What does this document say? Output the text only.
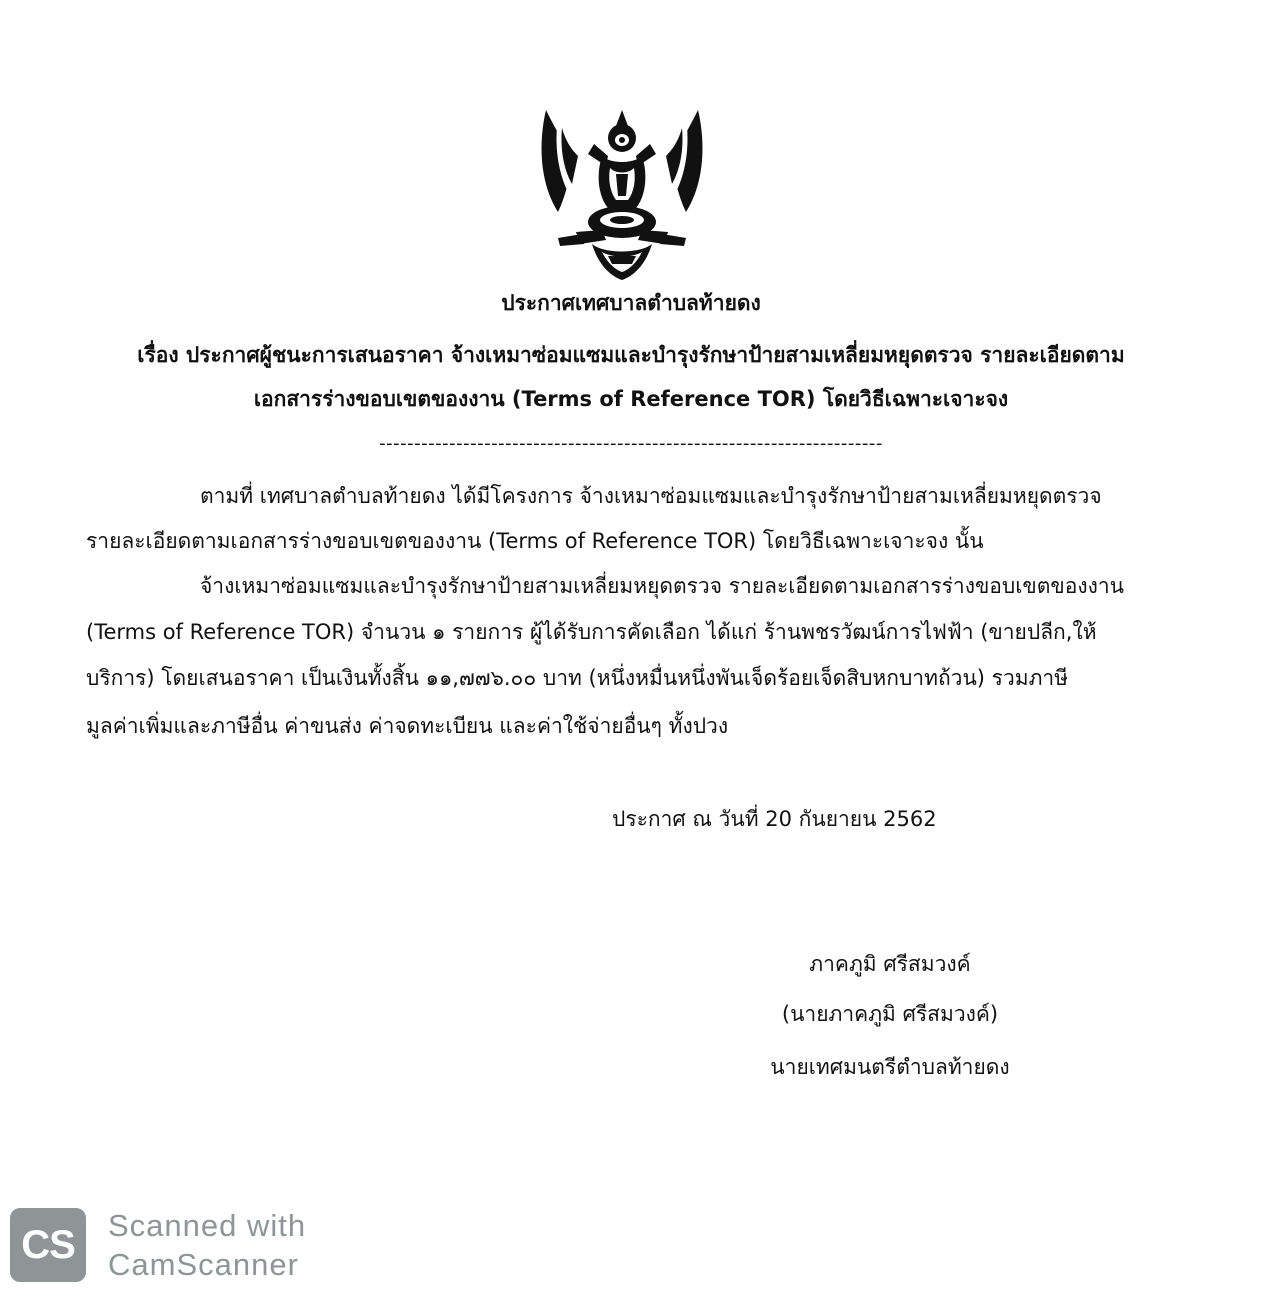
ประกาศเทศบาลตำบลท้ายดง
เรื่อง ประกาศผู้ชนะการเสนอราคา จ้างเหมาซ่อมแซมและบำรุงรักษาป้ายสามเหลี่ยมหยุดตรวจ รายละเอียดตาม
เอกสารร่างขอบเขตของงาน (Terms of Reference TOR) โดยวิธีเฉพาะเจาะจง
------------------------------------------------------------------------
ตามที่ เทศบาลตำบลท้ายดง ได้มีโครงการ จ้างเหมาซ่อมแซมและบำรุงรักษาป้ายสามเหลี่ยมหยุดตรวจ
รายละเอียดตามเอกสารร่างขอบเขตของงาน (Terms of Reference TOR) โดยวิธีเฉพาะเจาะจง นั้น
จ้างเหมาซ่อมแซมและบำรุงรักษาป้ายสามเหลี่ยมหยุดตรวจ รายละเอียดตามเอกสารร่างขอบเขตของงาน
(Terms of Reference TOR) จำนวน ๑ รายการ ผู้ได้รับการคัดเลือก ได้แก่ ร้านพชรวัฒน์การไฟฟ้า (ขายปลีก,ให้
บริการ) โดยเสนอราคา เป็นเงินทั้งสิ้น ๑๑,๗๗๖.๐๐ บาท (หนึ่งหมื่นหนึ่งพันเจ็ดร้อยเจ็ดสิบหกบาทถ้วน) รวมภาษี
มูลค่าเพิ่มและภาษีอื่น ค่าขนส่ง ค่าจดทะเบียน และค่าใช้จ่ายอื่นๆ ทั้งปวง
ประกาศ ณ วันที่ 20 กันยายน 2562
ภาคภูมิ ศรีสมวงค์
(นายภาคภูมิ ศรีสมวงค์)
นายเทศมนตรีตำบลท้ายดง
CS	Scanned with
CamScanner
